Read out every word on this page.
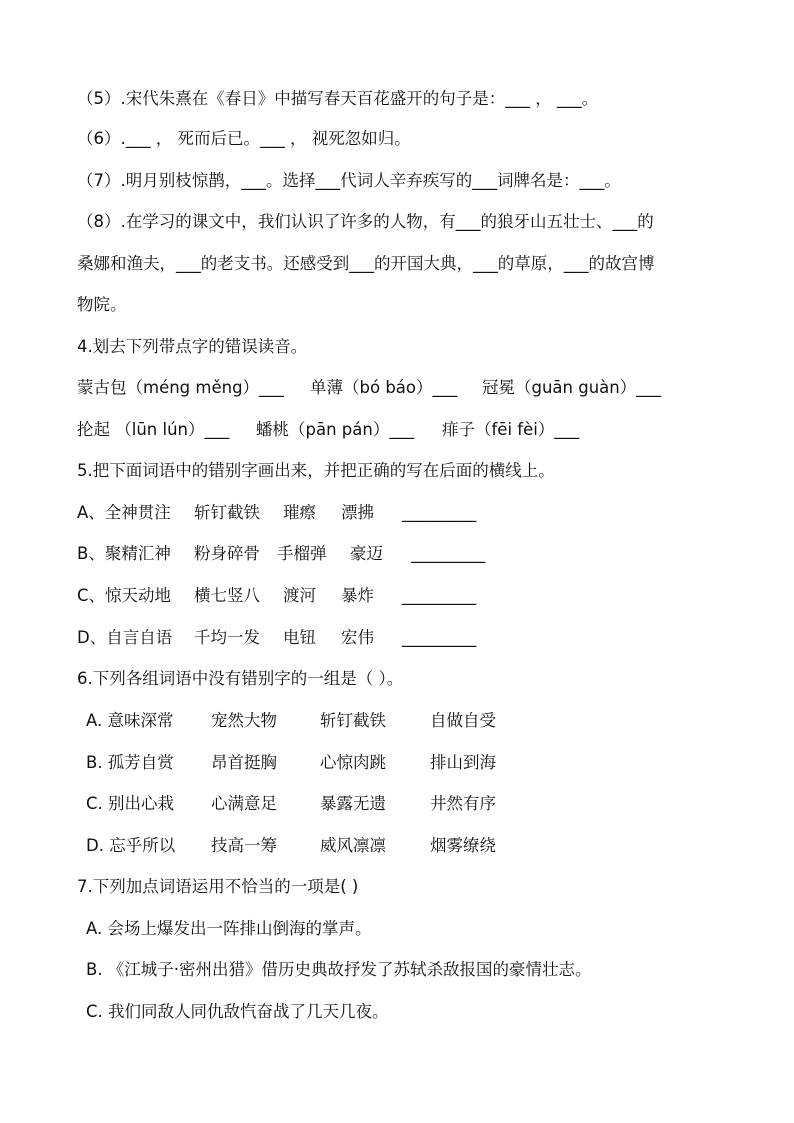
（5）.宋代朱熹在《春日》中描写春天百花盛开的句子是：___ ， ___。
（6）.___ ， 死而后已。___ ， 视死忽如归。
（7）.明月别枝惊鹊，___。选择___代词人辛弃疾写的___词牌名是：___。
（8）.在学习的课文中，我们认识了许多的人物，有___的狼牙山五壮士、___的
桑娜和渔夫，___的老支书。还感受到___的开国大典，___的草原，___的故宫博
物院。
4.划去下列带点字的错误读音。
蒙古包（méng měng）___ 单薄（bó báo）___ 冠冕（guān guàn）___
抡起 （lūn lún）___ 蟠桃（pān pán）___ 痱子（fēi fèi）___
5.把下面词语中的错别字画出来，并把正确的写在后面的横线上。
A、全神贯注 斩钉截铁 璀瘵 漂拂 _________
B、聚精汇神 粉身碎骨 手榴弹 豪迈 _________
C、惊天动地 横七竖八 渡河 暴炸 _________
D、自言自语 千均一发 电钮 宏伟 _________
6.下列各组词语中没有错别字的一组是（ ）。
A. 意味深常 宠然大物	斩钉截铁	自做自受
B. 孤芳自赏 昂首挺胸	心惊肉跳	排山到海
C. 别出心栽 心满意足	暴露无遗	井然有序
D. 忘乎所以 技高一筹	威风凛凛	烟雾缭绕
7.下列加点词语运用不恰当的一项是( )
A. 会场上爆发出一阵排山倒海的掌声。
B. 《江城子·密州出猎》借历史典故抒发了苏轼杀敌报国的豪情壮志。
C. 我们同敌人同仇敌忾奋战了几天几夜。
